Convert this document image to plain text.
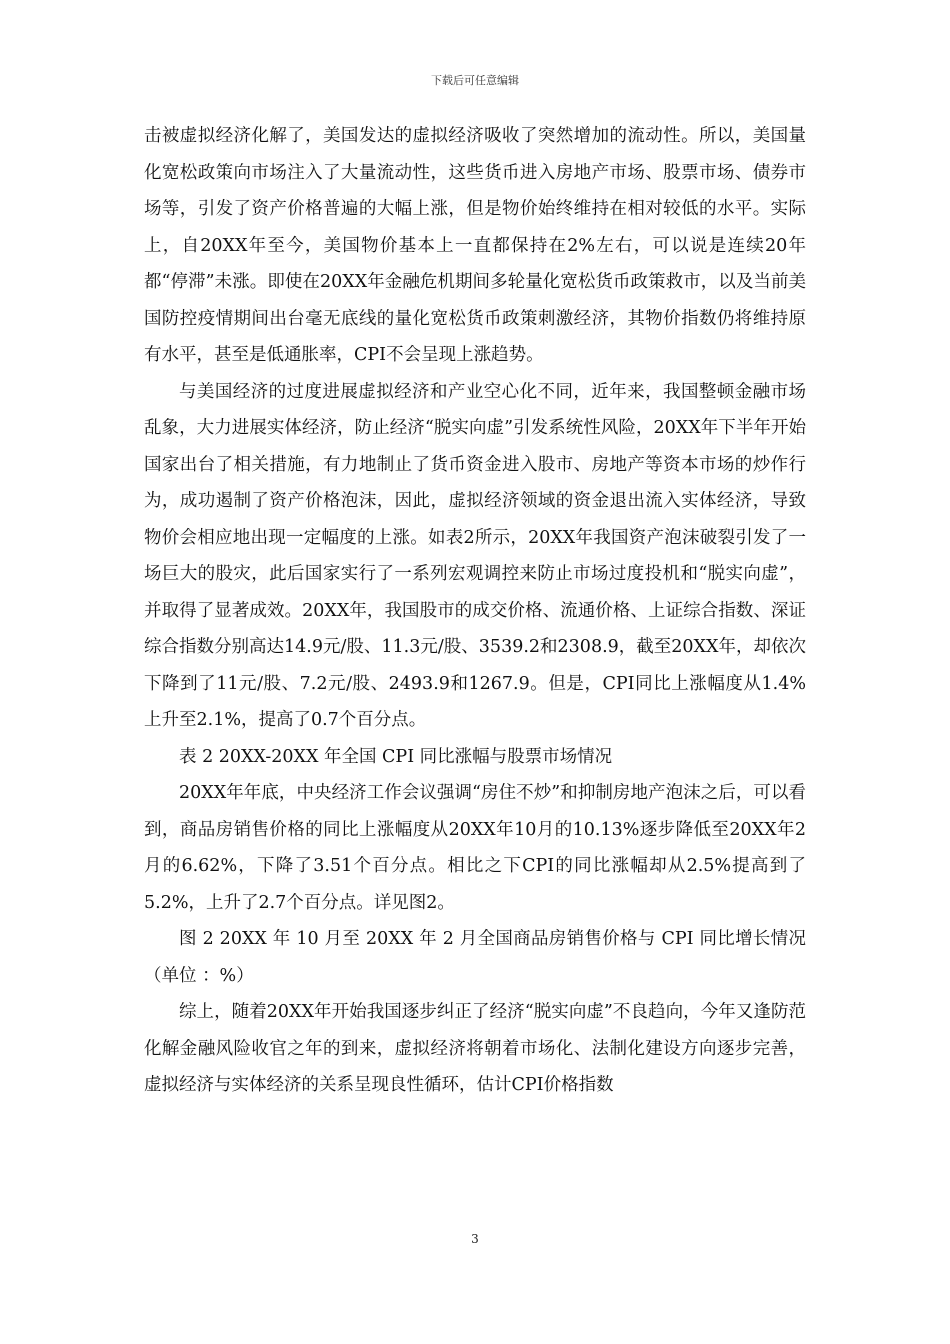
下载后可任意编辑

击被虚拟经济化解了，美国发达的虚拟经济吸收了突然增加的流动性。所以，美国量化宽松政策向市场注入了大量流动性，这些货币进入房地产市场、股票市场、债券市场等，引发了资产价格普遍的大幅上涨，但是物价始终维持在相对较低的水平。实际上，自20XX年至今，美国物价基本上一直都保持在2%左右，可以说是连续20年都“停滞”未涨。即使在20XX年金融危机期间多轮量化宽松货币政策救市，以及当前美国防控疫情期间出台毫无底线的量化宽松货币政策刺激经济，其物价指数仍将维持原有水平，甚至是低通胀率，CPI不会呈现上涨趋势。

与美国经济的过度进展虚拟经济和产业空心化不同，近年来，我国整顿金融市场乱象，大力进展实体经济，防止经济“脱实向虚”引发系统性风险，20XX年下半年开始国家出台了相关措施，有力地制止了货币资金进入股市、房地产等资本市场的炒作行为，成功遏制了资产价格泡沫，因此，虚拟经济领域的资金退出流入实体经济，导致物价会相应地出现一定幅度的上涨。如表2所示，20XX年我国资产泡沫破裂引发了一场巨大的股灾，此后国家实行了一系列宏观调控来防止市场过度投机和“脱实向虚”，并取得了显著成效。20XX年，我国股市的成交价格、流通价格、上证综合指数、深证综合指数分别高达14.9元/股、11.3元/股、3539.2和2308.9，截至20XX年，却依次下降到了11元/股、7.2元/股、2493.9和1267.9。但是，CPI同比上涨幅度从1.4%上升至2.1%，提高了0.7个百分点。

表 2 20XX-20XX 年全国 CPI 同比涨幅与股票市场情况

20XX年年底，中央经济工作会议强调“房住不炒”和抑制房地产泡沫之后，可以看到，商品房销售价格的同比上涨幅度从20XX年10月的10.13%逐步降低至20XX年2月的6.62%，下降了3.51个百分点。相比之下CPI的同比涨幅却从2.5%提高到了5.2%，上升了2.7个百分点。详见图2。

图 2 20XX 年 10 月至 20XX 年 2 月全国商品房销售价格与 CPI 同比增长情况（单位 ：%）

综上，随着20XX年开始我国逐步纠正了经济“脱实向虚”不良趋向，今年又逢防范化解金融风险收官之年的到来，虚拟经济将朝着市场化、法制化建设方向逐步完善，虚拟经济与实体经济的关系呈现良性循环，估计CPI价格指数

3
